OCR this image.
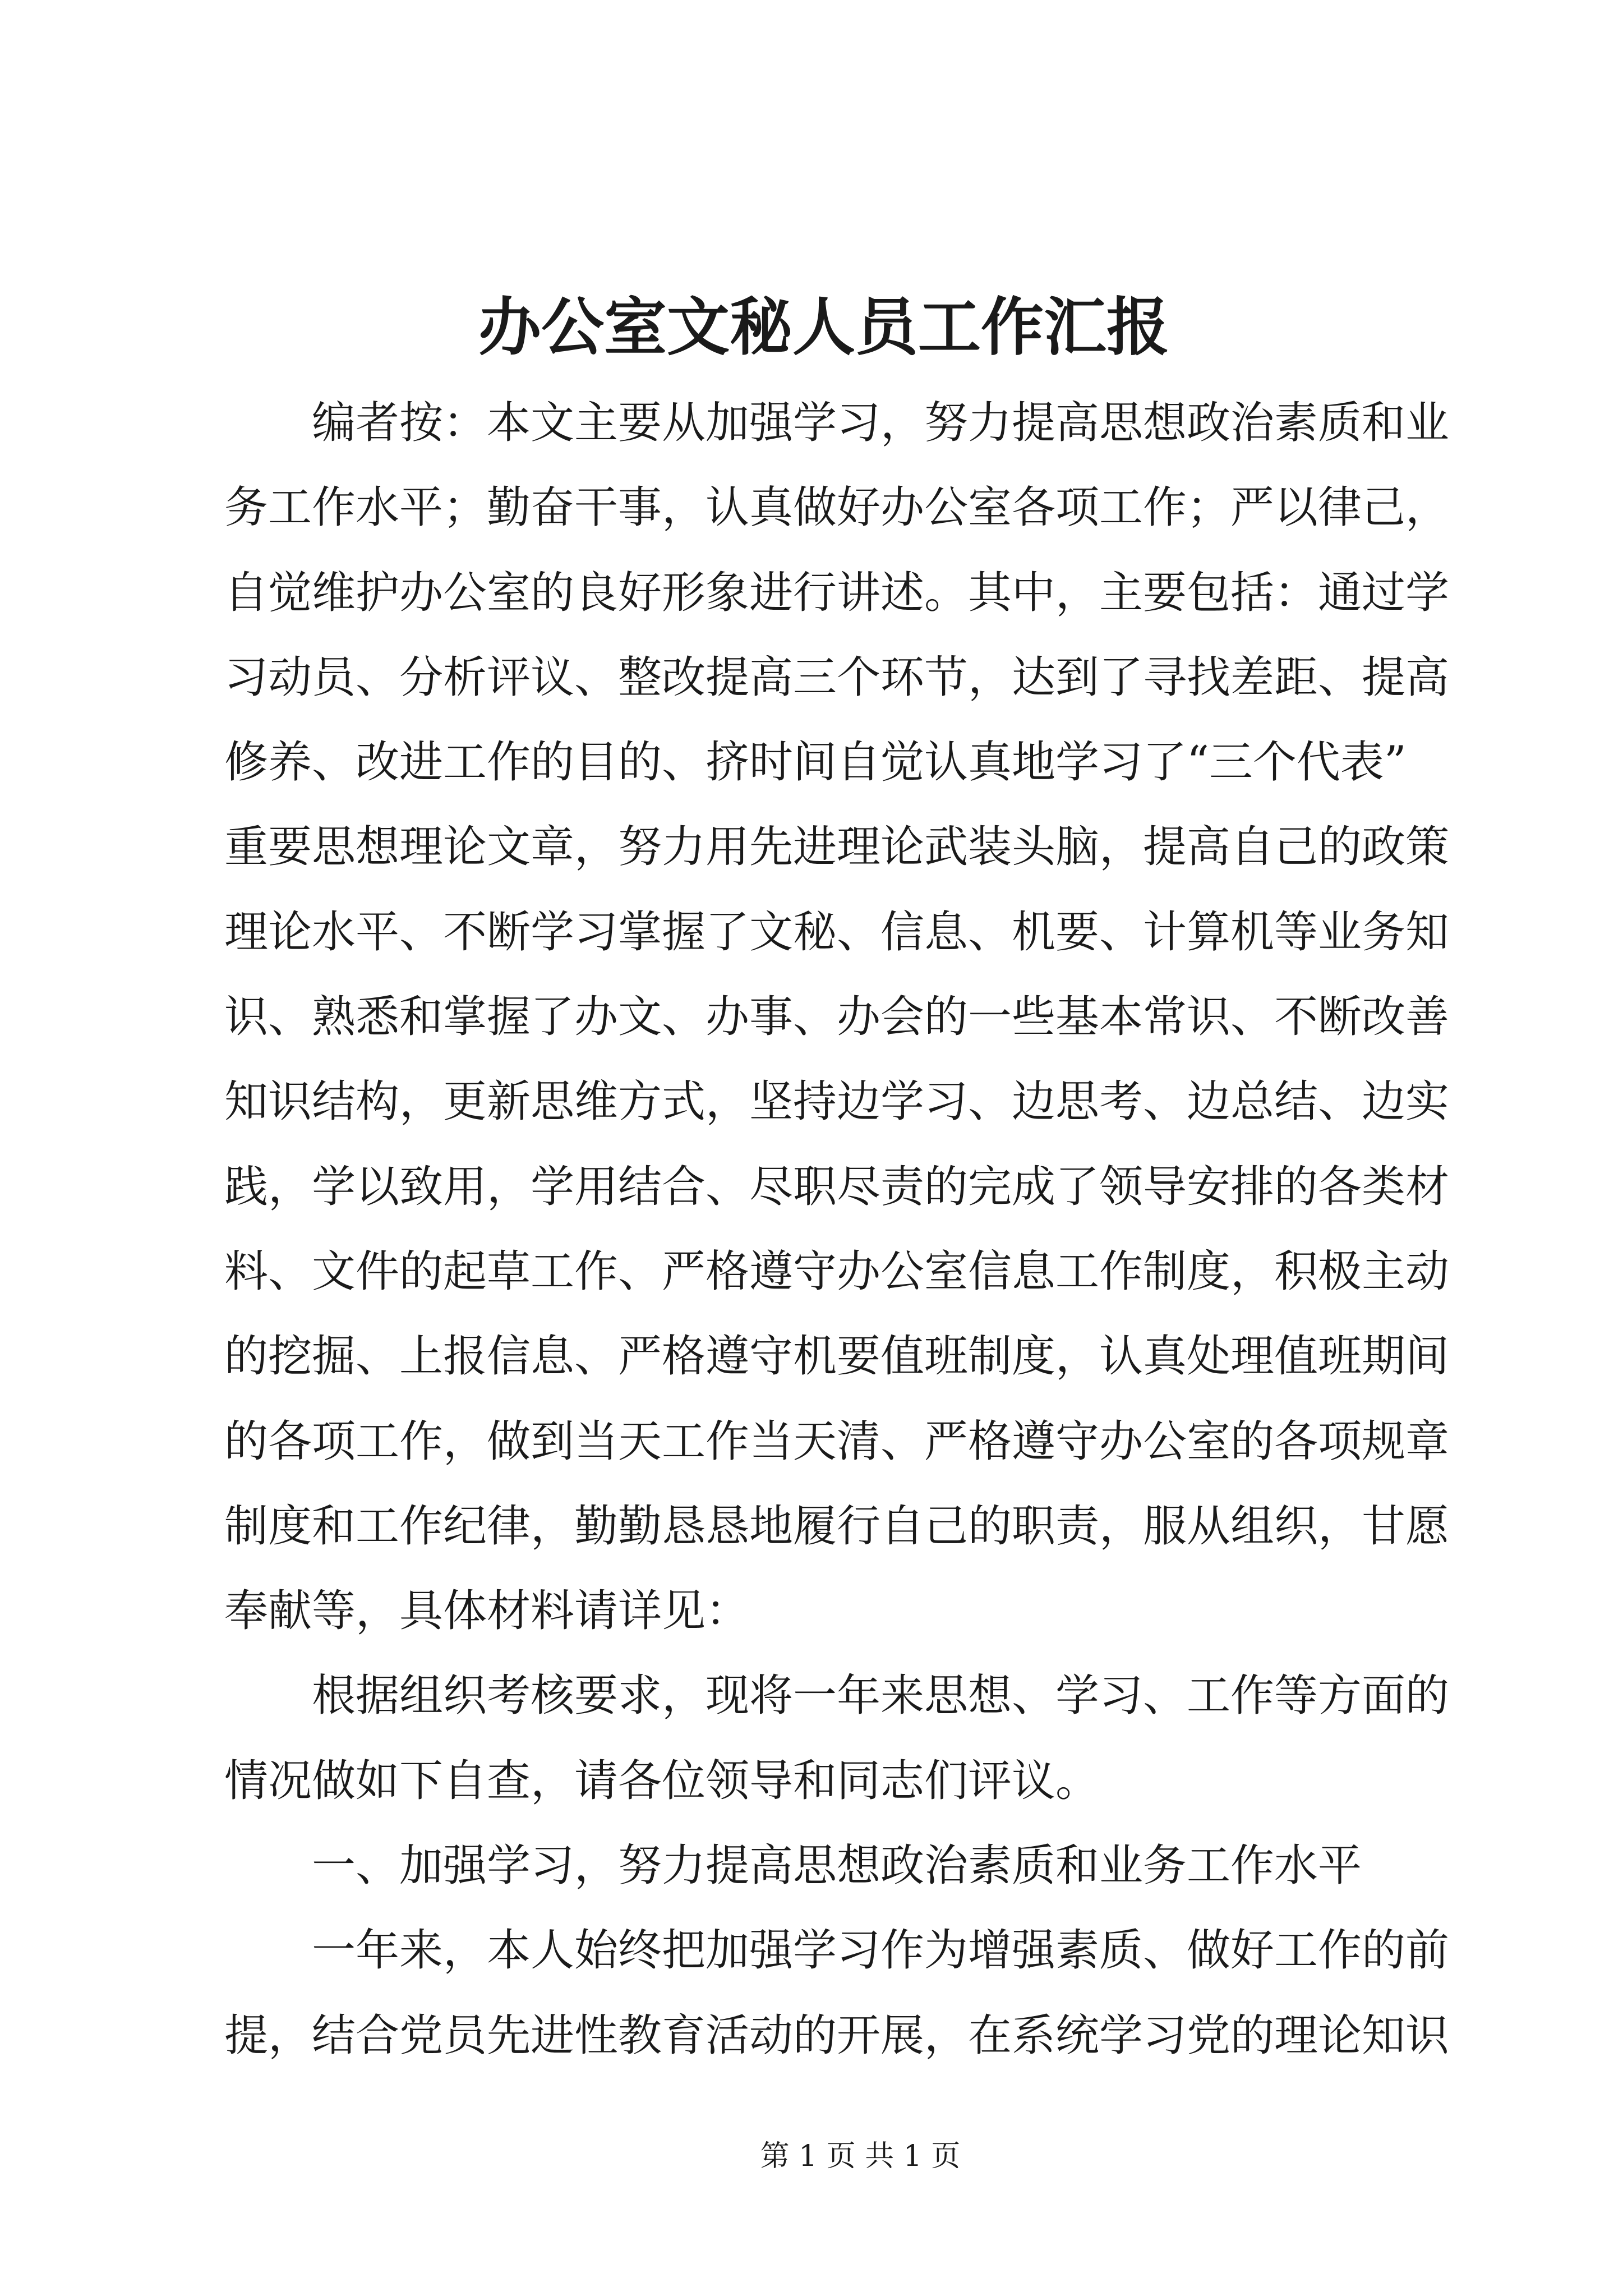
办公室文秘人员工作汇报
编者按：本文主要从加强学习，努力提高思想政治素质和业
务工作水平；勤奋干事，认真做好办公室各项工作；严以律己，
自觉维护办公室的良好形象进行讲述。其中，主要包括：通过学
习动员、分析评议、整改提高三个环节，达到了寻找差距、提高
修养、改进工作的目的、挤时间自觉认真地学习了“三个代表”
重要思想理论文章，努力用先进理论武装头脑，提高自己的政策
理论水平、不断学习掌握了文秘、信息、机要、计算机等业务知
识、熟悉和掌握了办文、办事、办会的一些基本常识、不断改善
知识结构，更新思维方式，坚持边学习、边思考、边总结、边实
践，学以致用，学用结合、尽职尽责的完成了领导安排的各类材
料、文件的起草工作、严格遵守办公室信息工作制度，积极主动
的挖掘、上报信息、严格遵守机要值班制度，认真处理值班期间
的各项工作，做到当天工作当天清、严格遵守办公室的各项规章
制度和工作纪律，勤勤恳恳地履行自己的职责，服从组织，甘愿
奉献等，具体材料请详见：
根据组织考核要求，现将一年来思想、学习、工作等方面的
情况做如下自查，请各位领导和同志们评议。
一、加强学习，努力提高思想政治素质和业务工作水平
一年来，本人始终把加强学习作为增强素质、做好工作的前
提，结合党员先进性教育活动的开展，在系统学习党的理论知识
第 1 页 共 1 页
